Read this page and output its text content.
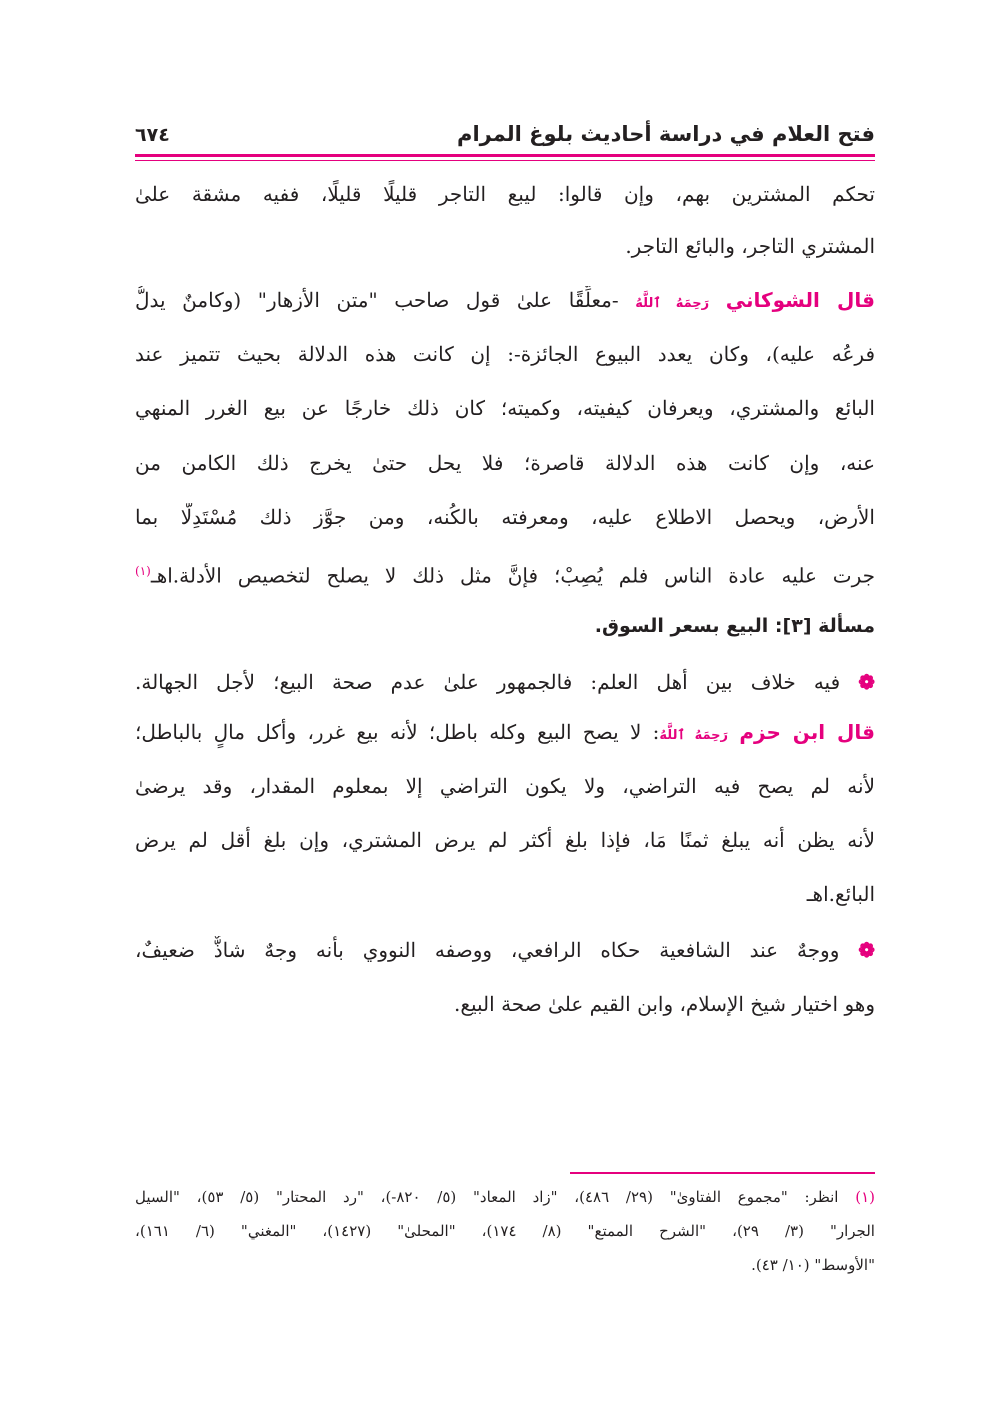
فتح العلام في دراسة أحاديث بلوغ المرام
٦٧٤
تحكم المشترين بهم، وإن قالوا: ليبع التاجر قليلًا قليلًا، ففيه مشقة علىٰ
المشتري التاجر، والبائع التاجر.
قال الشوكاني رَحِمَهُ ٱللَّهُ -معلِّقًا علىٰ قول صاحب "متن الأزهار" (وكامنٌ يدلُّ
فرعُه عليه)، وكان يعدد البيوع الجائزة-: إن كانت هذه الدلالة بحيث تتميز عند
البائع والمشتري، ويعرفان كيفيته، وكميته؛ كان ذلك خارجًا عن بيع الغرر المنهي
عنه، وإن كانت هذه الدلالة قاصرة؛ فلا يحل حتىٰ يخرج ذلك الكامن من
الأرض، ويحصل الاطلاع عليه، ومعرفته بالكُنه، ومن جوَّز ذلك مُسْتَدِلًّا بما
جرت عليه عادة الناس فلم يُصِبْ؛ فإنَّ مثل ذلك لا يصلح لتخصيص الأدلة.اهـ$^{(١)}$
مسألة [٣]: البيع بسعر السوق.
❁ فيه خلاف بين أهل العلم: فالجمهور علىٰ عدم صحة البيع؛ لأجل الجهالة.
قال ابن حزم رَحِمَهُ ٱللَّهُ: لا يصح البيع وكله باطل؛ لأنه بيع غرر، وأكل مالٍ بالباطل؛
لأنه لم يصح فيه التراضي، ولا يكون التراضي إلا بمعلوم المقدار، وقد يرضىٰ
لأنه يظن أنه يبلغ ثمنًا مَا، فإذا بلغ أكثر لم يرض المشتري، وإن بلغ أقل لم يرض
البائع.اهـ
❁ ووجهٌ عند الشافعية حكاه الرافعي، ووصفه النووي بأنه وجهٌ شاذٌّ ضعيفٌ،
وهو اختيار شيخ الإسلام، وابن القيم علىٰ صحة البيع.
(١) انظر: "مجموع الفتاوىٰ" (٢٩/ ٤٨٦)، "زاد المعاد" (٥/ ٨٢٠-)، "رد المحتار" (٥/ ٥٣)، "السيل
الجرار" (٣/ ٢٩)، "الشرح الممتع" (٨/ ١٧٤)، "المحلىٰ" (١٤٢٧)، "المغني" (٦/ ١٦١)،
"الأوسط" (١٠/ ٤٣).
